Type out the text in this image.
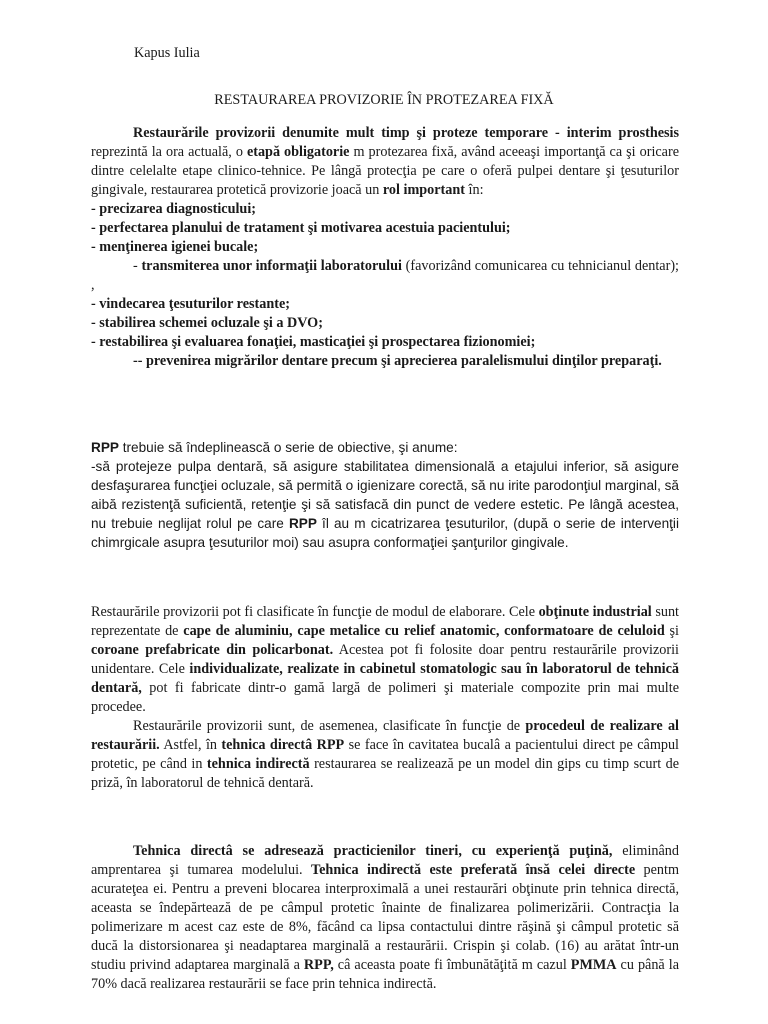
Kapus Iulia
RESTAURAREA PROVIZORIE ÎN PROTEZAREA FIXĂ

Restaurările provizorii denumite mult timp şi proteze temporare - interim prosthesis reprezintă la ora actuală, o etapă obligatorie m protezarea fixă, având aceeaşi importanţă ca şi oricare dintre celelalte etape clinico-tehnice. Pe lângă protecţia pe care o oferă pulpei dentare şi ţesuturilor gingivale, restaurarea protetică provizorie joacă un rol important în:

- precizarea diagnosticului;

- perfectarea planului de tratament şi motivarea acestuia pacientului;

- menţinerea igienei bucale;

- transmiterea unor informaţii laboratorului (favorizând comunicarea cu tehnicianul dentar); ,

- vindecarea ţesuturilor restante;

- stabilirea schemei ocluzale şi a DVO;

- restabilirea şi evaluarea fonaţiei, masticaţiei şi prospectarea fizionomiei;

-- prevenirea migrărilor dentare precum şi aprecierea paralelismului dinţilor preparaţi.

RPP trebuie să îndeplinească o serie de obiective, şi anume:

-să protejeze pulpa dentară, să asigure stabilitatea dimensională a etajului inferior, să asigure desfaşurarea funcţiei ocluzale, să permită o igienizare corectă, să nu irite parodonţiul marginal, să aibă rezistenţă suficientă, retenţie şi să satisfacă din punct de vedere estetic. Pe lângă acestea, nu trebuie neglijat rolul pe care RPP îl au m cicatrizarea ţesuturilor, (după o serie de intervenţii chimrgicale asupra ţesuturilor moi) sau asupra conformaţiei şanţurilor gingivale.

Restaurările provizorii pot fi clasificate în funcţie de modul de elaborare. Cele obţinute industrial sunt reprezentate de cape de aluminiu, cape metalice cu relief anatomic, conformatoare de celuloid şi coroane prefabricate din policarbonat. Acestea pot fi folosite doar pentru restaurările provizorii unidentare. Cele individualizate, realizate in cabinetul stomatologic sau în laboratorul de tehnică dentară, pot fi fabricate dintr-o gamă largă de polimeri şi materiale compozite prin mai multe procedee.

Restaurările provizorii sunt, de asemenea, clasificate în funcţie de procedeul de realizare al restaurării. Astfel, în tehnica directâ RPP se face în cavitatea bucalâ a pacientului direct pe câmpul protetic, pe când in tehnica indirectă restaurarea se realizează pe un model din gips cu timp scurt de priză, în laboratorul de tehnică dentară.

Tehnica directâ se adresează practicienilor tineri, cu experienţă puţină, eliminând amprentarea şi tumarea modelului. Tehnica indirectă este preferată însă celei directe pentm acurateţea ei. Pentru a preveni blocarea interproximală a unei restaurări obţinute prin tehnica directă, aceasta se îndepărtează de pe câmpul protetic înainte de finalizarea polimerizării. Contracţia la polimerizare m acest caz este de 8%, făcând ca lipsa contactului dintre răşină şi câmpul protetic să ducă la distorsionarea şi neadaptarea marginală a restaurării. Crispin şi colab. (16) au arătat într-un studiu privind adaptarea marginală a RPP, câ aceasta poate fi îmbunătăţită m cazul PMMA cu până la 70% dacă realizarea restaurării se face prin tehnica indirectă.
